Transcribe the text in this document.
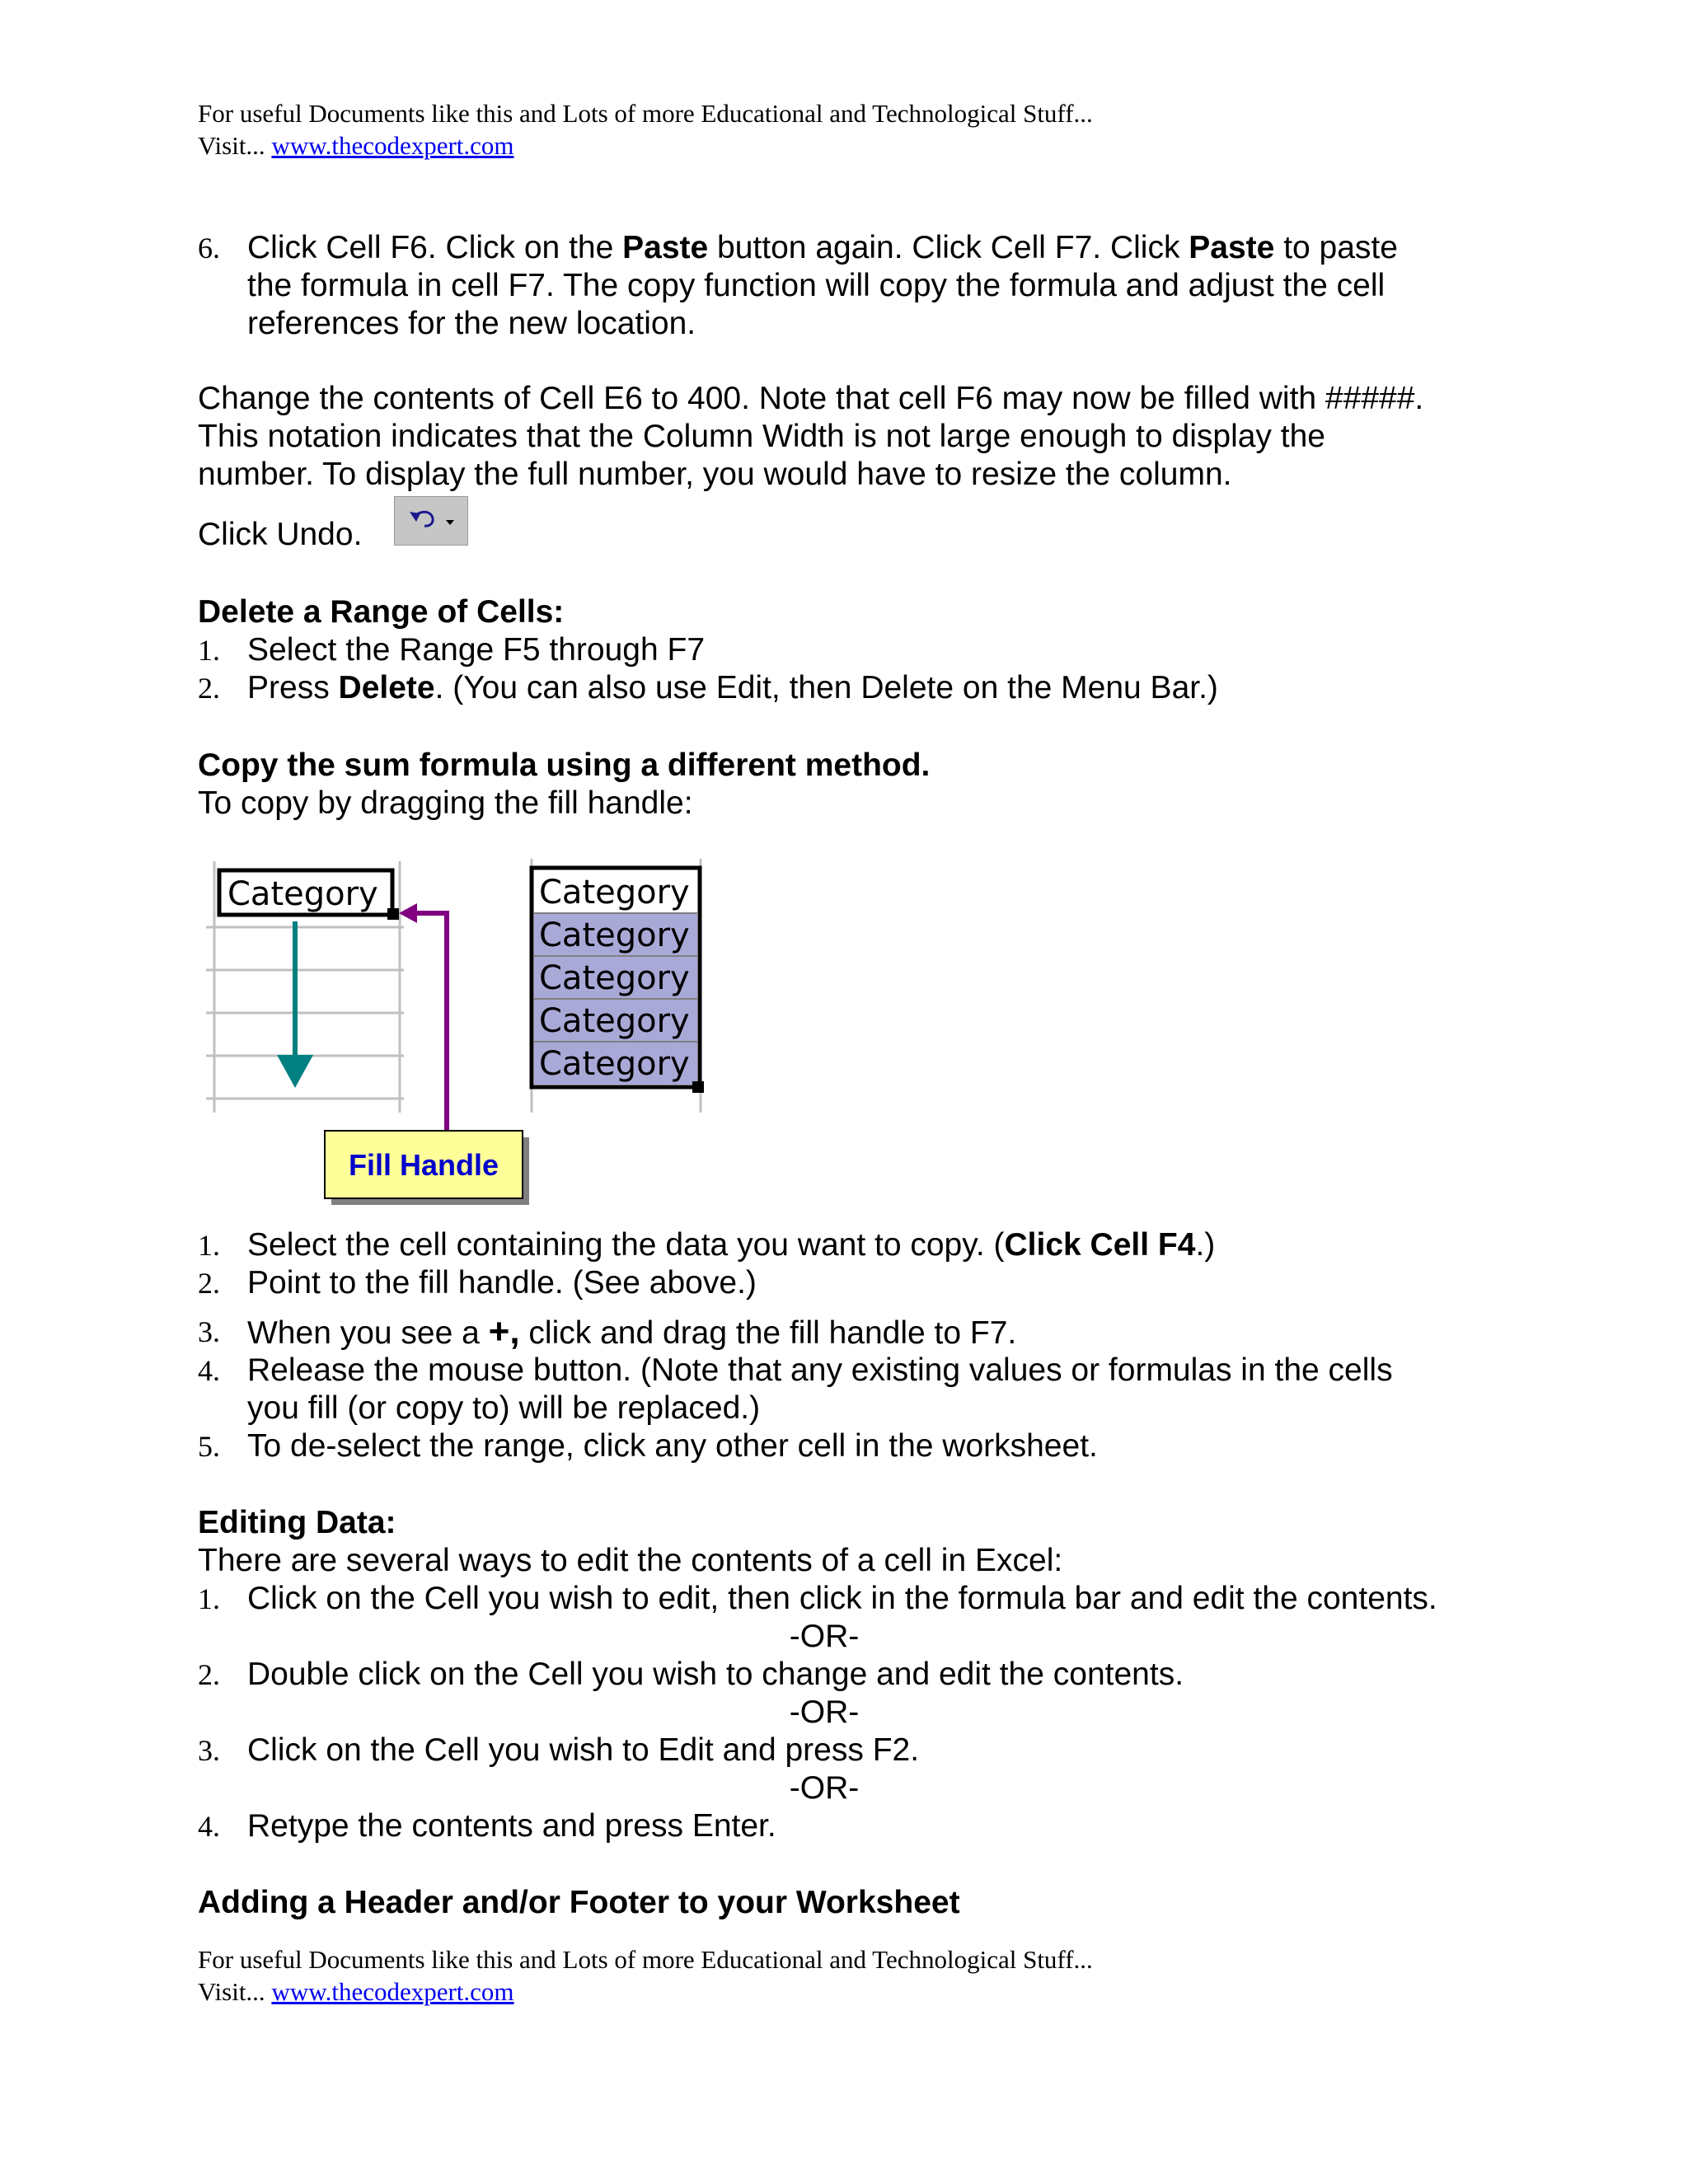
For useful Documents like this and Lots of more Educational and Technological Stuff...
Visit... www.thecodexpert.com
6. Click Cell F6. Click on the Paste button again. Click Cell F7. Click Paste to paste
the formula in cell F7. The copy function will copy the formula and adjust the cell
references for the new location.
Change the contents of Cell E6 to 400. Note that cell F6 may now be filled with #####.
This notation indicates that the Column Width is not large enough to display the
number. To display the full number, you would have to resize the column.
Click Undo.
Delete a Range of Cells:
1. Select the Range F5 through F7
2. Press Delete. (You can also use Edit, then Delete on the Menu Bar.)
Copy the sum formula using a different method.
To copy by dragging the fill handle:
Category
Fill Handle
Category
Category
Category
Category
Category
1. Select the cell containing the data you want to copy. (Click Cell F4.)
2. Point to the fill handle. (See above.)
3. When you see a +, click and drag the fill handle to F7.
4. Release the mouse button. (Note that any existing values or formulas in the cells
you fill (or copy to) will be replaced.)
5. To de-select the range, click any other cell in the worksheet.
Editing Data:
There are several ways to edit the contents of a cell in Excel:
1. Click on the Cell you wish to edit, then click in the formula bar and edit the contents.
-OR-
2. Double click on the Cell you wish to change and edit the contents.
-OR-
3. Click on the Cell you wish to Edit and press F2.
-OR-
4. Retype the contents and press Enter.
Adding a Header and/or Footer to your Worksheet
For useful Documents like this and Lots of more Educational and Technological Stuff...
Visit... www.thecodexpert.com
